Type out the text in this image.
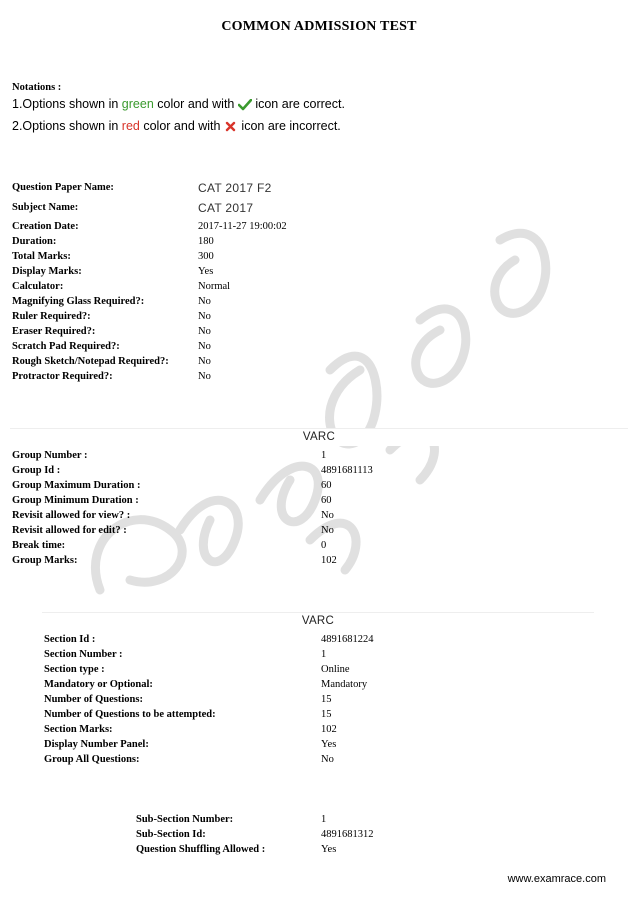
COMMON ADMISSION TEST
Notations :
1.Options shown in green color and with  icon are correct.
2.Options shown in red color and with  icon are incorrect.
Question Paper Name:	CAT 2017 F2
Subject Name:	CAT 2017
Creation Date:	2017-11-27 19:00:02
Duration:	180
Total Marks:	300
Display Marks:	Yes
Calculator:	Normal
Magnifying Glass Required?:	No
Ruler Required?:	No
Eraser Required?:	No
Scratch Pad Required?:	No
Rough Sketch/Notepad Required?:	No
Protractor Required?:	No
VARC
Group Number :	1
Group Id :	4891681113
Group Maximum Duration :	60
Group Minimum Duration :	60
Revisit allowed for view? :	No
Revisit allowed for edit? :	No
Break time:	0
Group Marks:	102
VARC
Section Id :	4891681224
Section Number :	1
Section type :	Online
Mandatory or Optional:	Mandatory
Number of Questions:	15
Number of Questions to be attempted:	15
Section Marks:	102
Display Number Panel:	Yes
Group All Questions:	No
Sub-Section Number:	1
Sub-Section Id:	4891681312
Question Shuffling Allowed :	Yes
www.examrace.com
